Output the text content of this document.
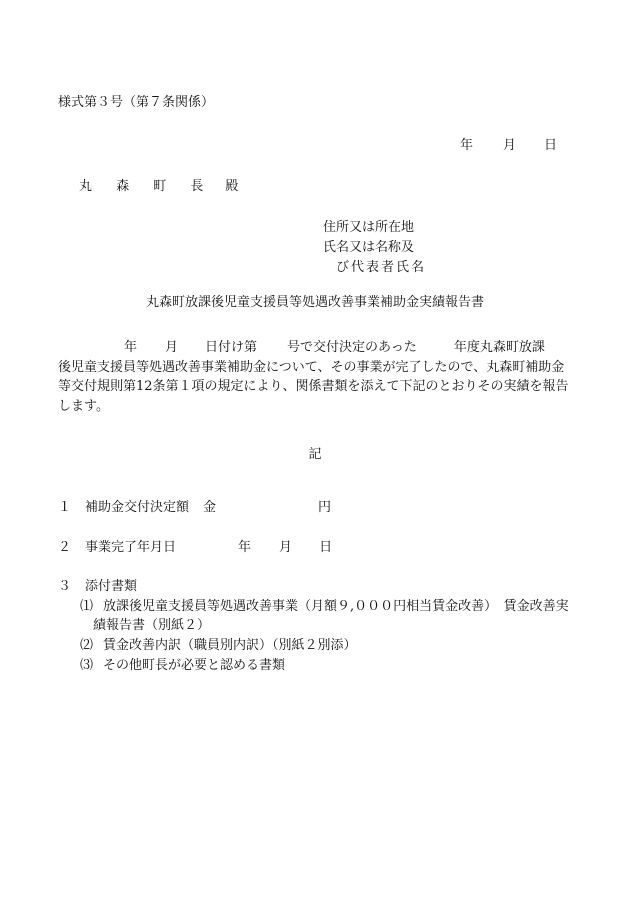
様式第３号（第７条関係）
年 月 日
丸 森 町 長 殿
住所又は所在地
氏名又は名称及
び代表者氏名
丸森町放課後児童支援員等処遇改善事業補助金実績報告書

年 月 日付け第 号で交付決定のあった	年度丸森町放課

後児童支援員等処遇改善事業補助金について、その事業が完了したので、丸森町補助金

等交付規則第12条第１項の規定により、関係書類を添えて下記のとおりその実績を報告

します。

記
１ 補助金交付決定額 金	円
２ 事業完了年月日	年 月 日
３ 添付書類
⑴ 放課後児童支援員等処遇改善事業（月額９,０００円相当賃金改善）　賃金改善実
績報告書（別紙２）
⑵ 賃金改善内訳（職員別内訳）（別紙２別添）
⑶ その他町長が必要と認める書類
